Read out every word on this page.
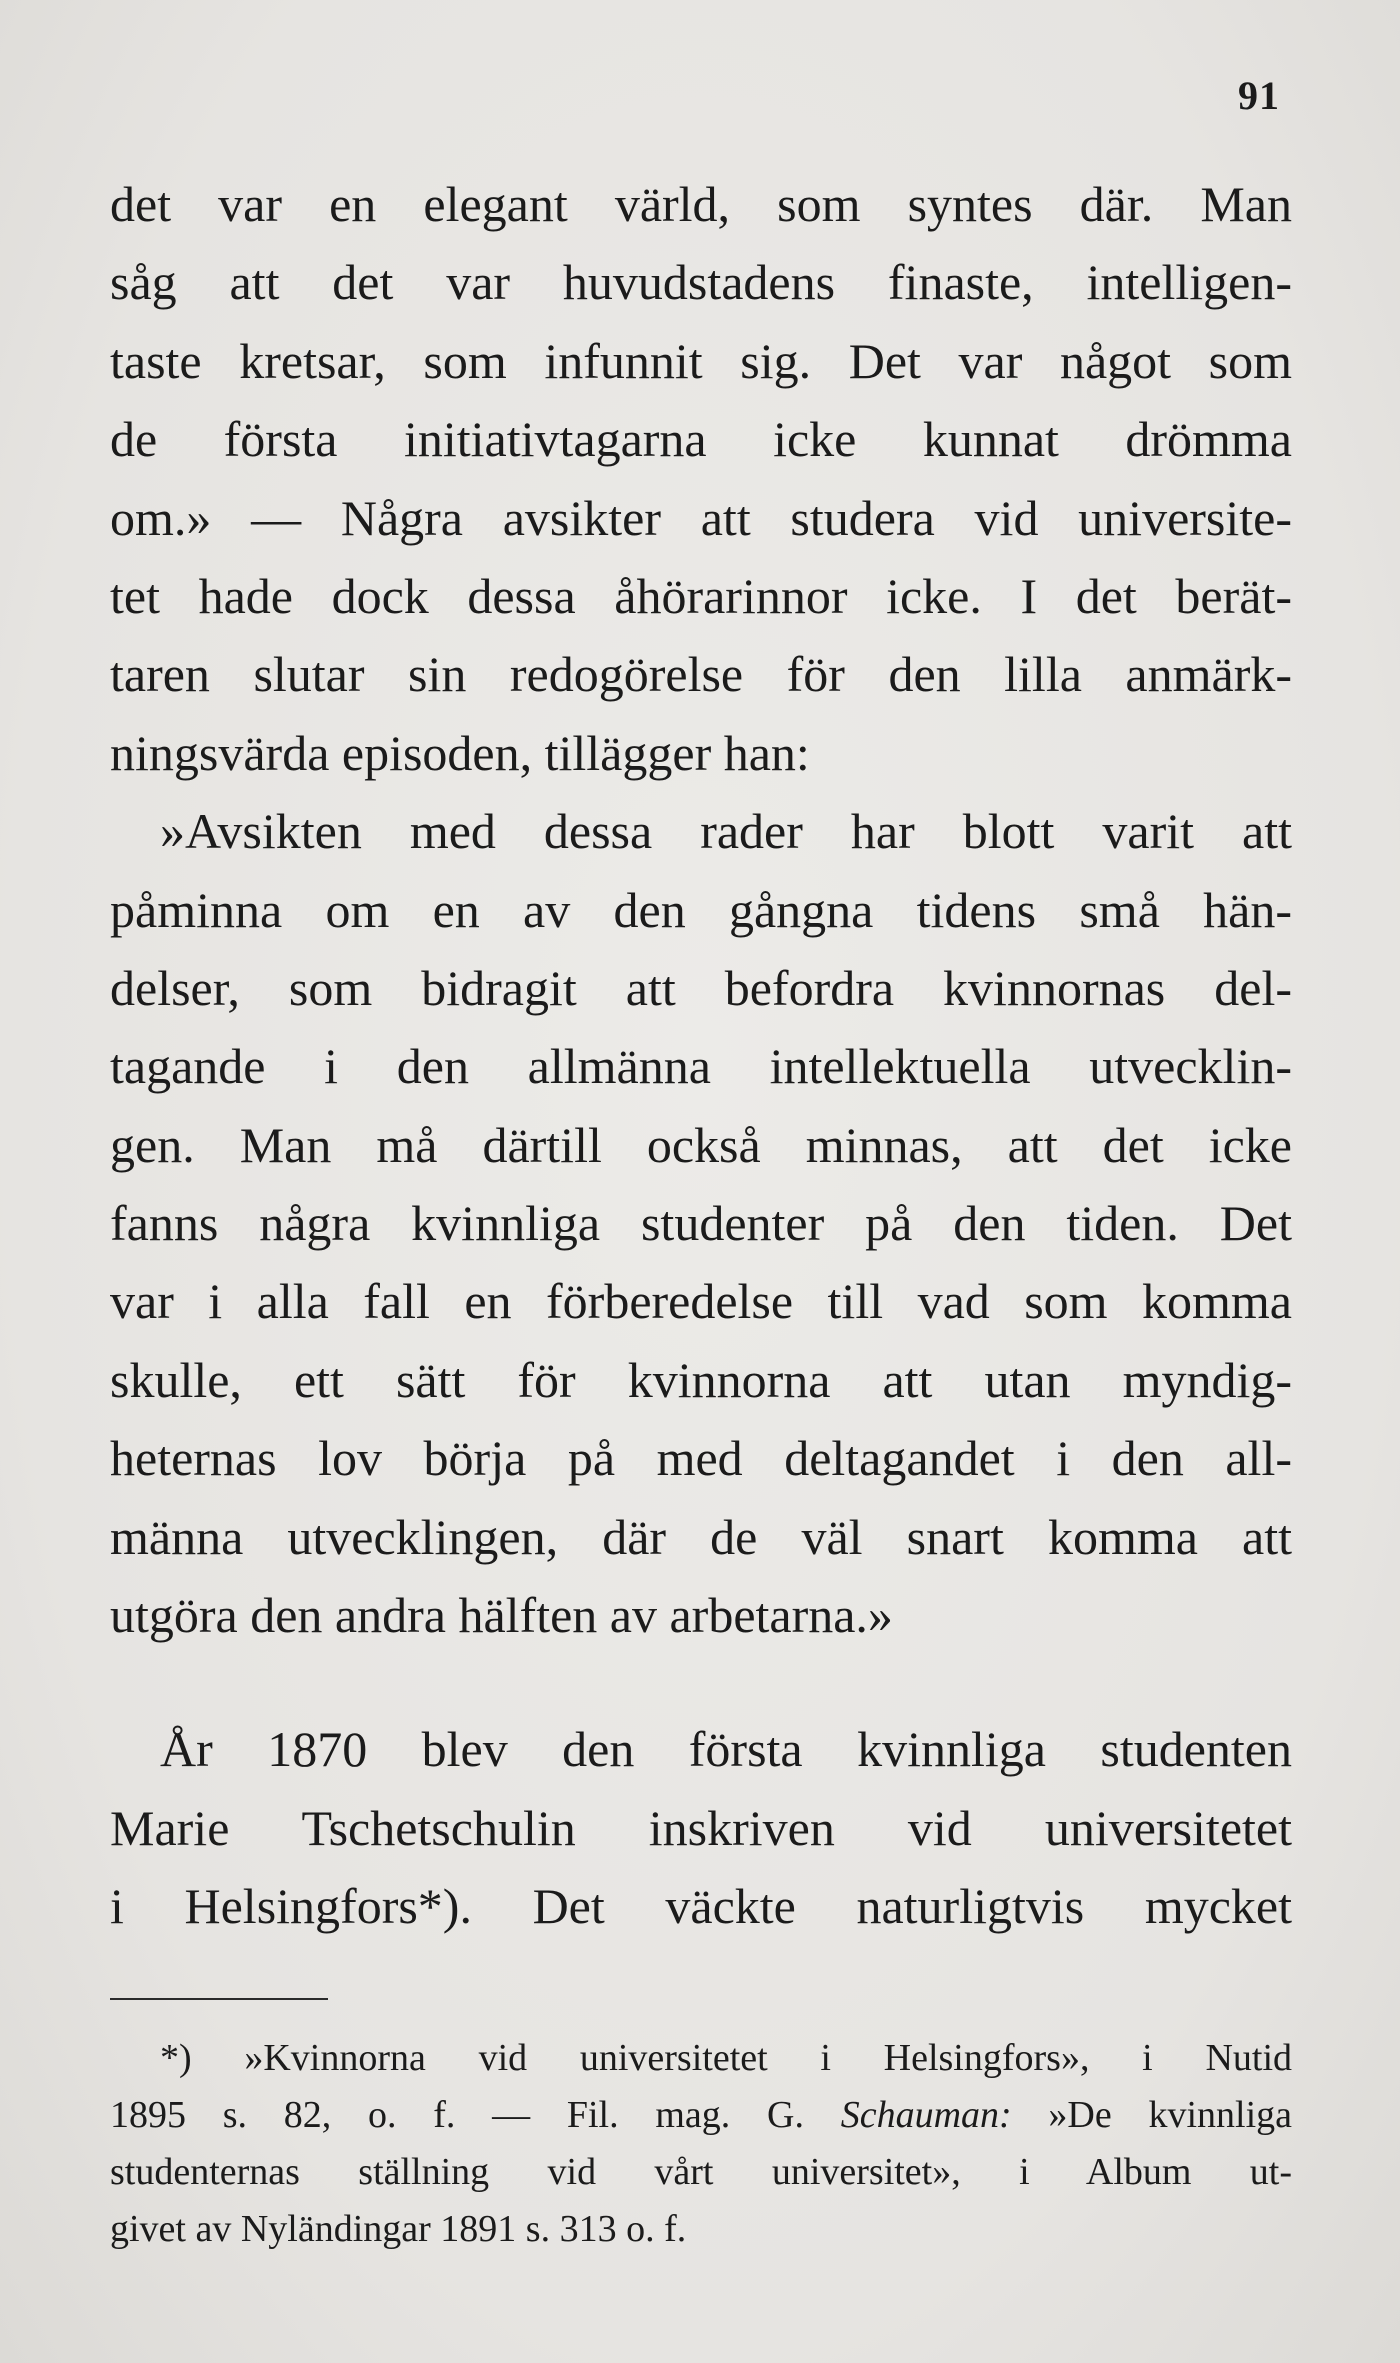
91
det var en elegant värld, som syntes där. Man
såg att det var huvudstadens finaste, intelligen-
taste kretsar, som infunnit sig. Det var något som
de första initiativtagarna icke kunnat drömma
om.» — Några avsikter att studera vid universite-
tet hade dock dessa åhörarinnor icke. I det berät-
taren slutar sin redogörelse för den lilla anmärk-
ningsvärda episoden, tillägger han:
»Avsikten med dessa rader har blott varit att
påminna om en av den gångna tidens små hän-
delser, som bidragit att befordra kvinnornas del-
tagande i den allmänna intellektuella utvecklin-
gen. Man må därtill också minnas, att det icke
fanns några kvinnliga studenter på den tiden. Det
var i alla fall en förberedelse till vad som komma
skulle, ett sätt för kvinnorna att utan myndig-
heternas lov börja på med deltagandet i den all-
männa utvecklingen, där de väl snart komma att
utgöra den andra hälften av arbetarna.»
År 1870 blev den första kvinnliga studenten
Marie Tschetschulin inskriven vid universitetet
i Helsingfors*). Det väckte naturligtvis mycket
*) »Kvinnorna vid universitetet i Helsingfors», i Nutid
1895 s. 82, o. f. — Fil. mag. G. Schauman: »De kvinnliga
studenternas ställning vid vårt universitet», i Album ut-
givet av Nyländingar 1891 s. 313 o. f.
